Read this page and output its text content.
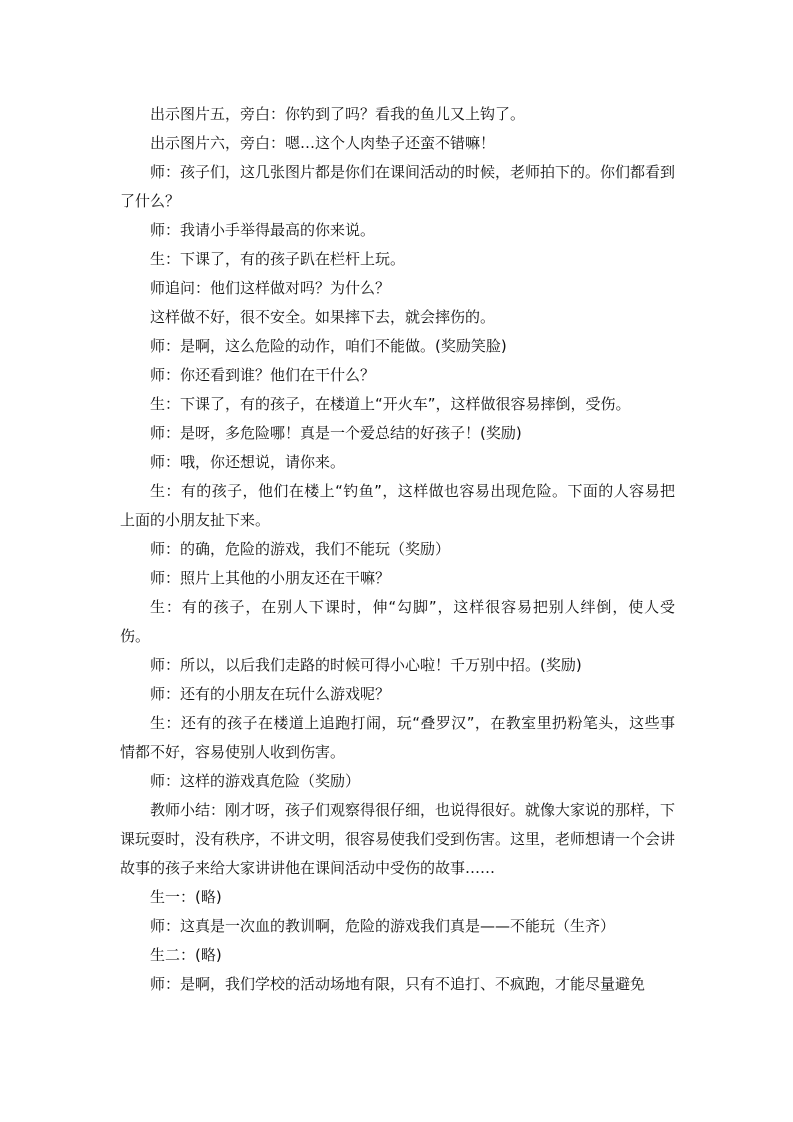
出示图片五，旁白：你钓到了吗？看我的鱼儿又上钩了。

出示图片六，旁白：嗯…这个人肉垫子还蛮不错嘛！

师：孩子们，这几张图片都是你们在课间活动的时候，老师拍下的。你们都看到了什么？

师：我请小手举得最高的你来说。

生：下课了，有的孩子趴在栏杆上玩。

师追问：他们这样做对吗？为什么？

这样做不好，很不安全。如果摔下去，就会摔伤的。

师：是啊，这么危险的动作，咱们不能做。(奖励笑脸)

师：你还看到谁？他们在干什么？

生：下课了，有的孩子，在楼道上“开火车”，这样做很容易摔倒，受伤。

师：是呀，多危险哪！真是一个爱总结的好孩子！(奖励)

师：哦，你还想说，请你来。

生：有的孩子，他们在楼上“钓鱼”，这样做也容易出现危险。下面的人容易把上面的小朋友扯下来。

师：的确，危险的游戏，我们不能玩（奖励）

师：照片上其他的小朋友还在干嘛？

生：有的孩子，在别人下课时，伸“勾脚”，这样很容易把别人绊倒，使人受伤。

师：所以，以后我们走路的时候可得小心啦！千万别中招。(奖励)

师：还有的小朋友在玩什么游戏呢？

生：还有的孩子在楼道上追跑打闹，玩“叠罗汉”，在教室里扔粉笔头，这些事情都不好，容易使别人收到伤害。

师：这样的游戏真危险（奖励）

教师小结：刚才呀，孩子们观察得很仔细，也说得很好。就像大家说的那样，下课玩耍时，没有秩序，不讲文明，很容易使我们受到伤害。这里，老师想请一个会讲故事的孩子来给大家讲讲他在课间活动中受伤的故事……

生一：(略)

师：这真是一次血的教训啊，危险的游戏我们真是——不能玩（生齐）

生二：(略)

师：是啊，我们学校的活动场地有限，只有不追打、不疯跑，才能尽量避免
